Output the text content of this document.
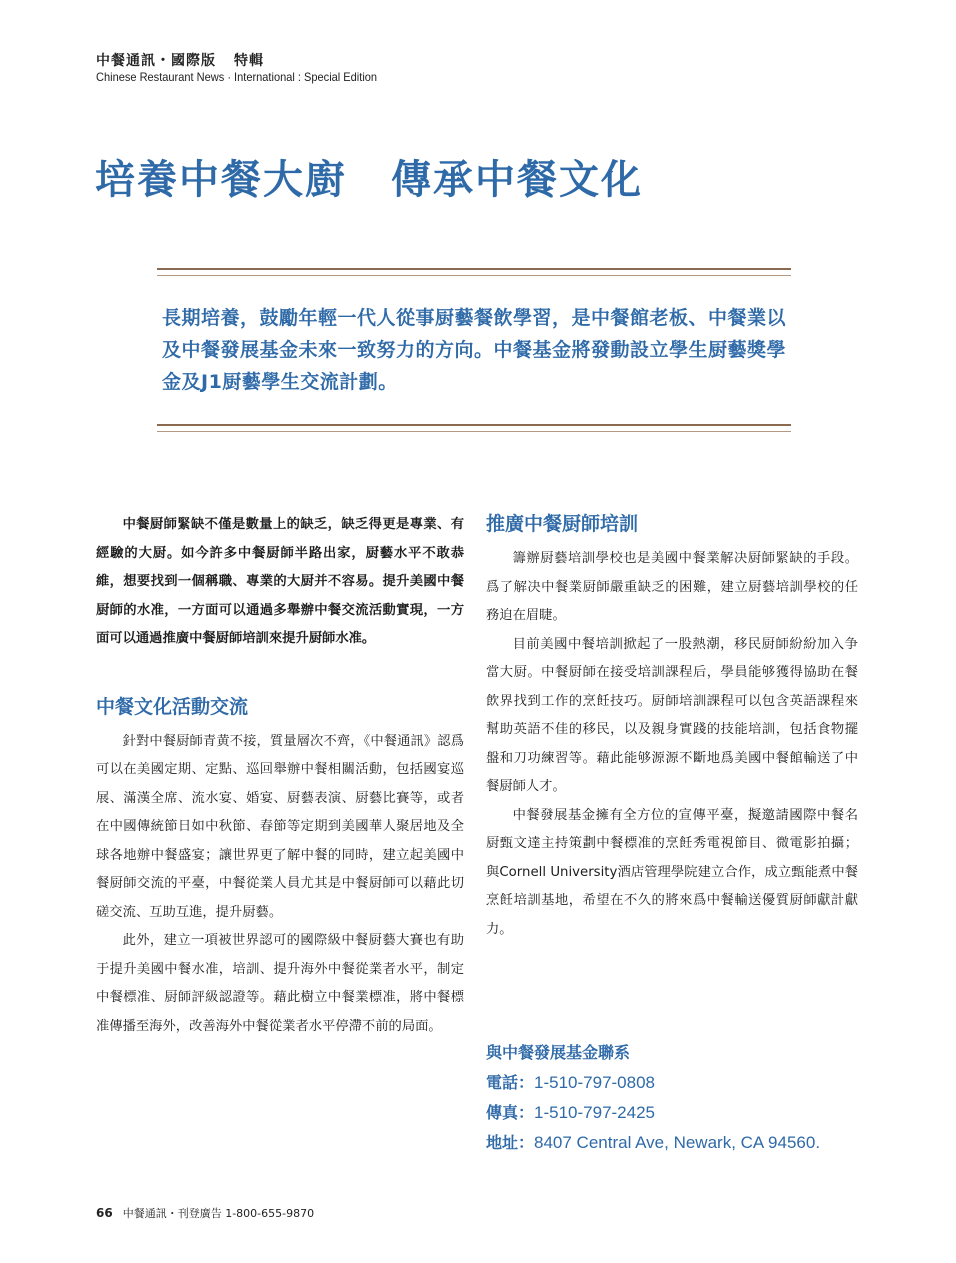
中餐通訊・國際版 特輯
Chinese Restaurant News · International : Special Edition
培養中餐大廚 傳承中餐文化
長期培養，鼓勵年輕一代人從事厨藝餐飲學習，是中餐館老板、中餐業以及中餐發展基金未來一致努力的方向。中餐基金將發動設立學生厨藝獎學金及J1厨藝學生交流計劃。

中餐厨師緊缺不僅是數量上的缺乏，缺乏得更是專業、有經驗的大厨。如今許多中餐厨師半路出家，厨藝水平不敢恭維，想要找到一個稱職、專業的大厨并不容易。提升美國中餐厨師的水准，一方面可以通過多舉辦中餐交流活動實現，一方面可以通過推廣中餐厨師培訓來提升厨師水准。

中餐文化活動交流

針對中餐厨師青黄不接，質量層次不齊，《中餐通訊》認爲可以在美國定期、定點、巡回舉辦中餐相關活動，包括國宴巡展、滿漢全席、流水宴、婚宴、厨藝表演、厨藝比賽等，或者在中國傳統節日如中秋節、春節等定期到美國華人聚居地及全球各地辦中餐盛宴；讓世界更了解中餐的同時，建立起美國中餐厨師交流的平臺，中餐從業人員尤其是中餐厨師可以藉此切磋交流、互助互進，提升厨藝。

此外，建立一項被世界認可的國際級中餐厨藝大賽也有助于提升美國中餐水准，培訓、提升海外中餐從業者水平，制定中餐標准、厨師評級認證等。藉此樹立中餐業標准，將中餐標准傳播至海外，改善海外中餐從業者水平停滯不前的局面。

推廣中餐厨師培訓

籌辦厨藝培訓學校也是美國中餐業解决厨師緊缺的手段。爲了解决中餐業厨師嚴重缺乏的困難，建立厨藝培訓學校的任務迫在眉睫。

目前美國中餐培訓掀起了一股熱潮，移民厨師紛紛加入争當大厨。中餐厨師在接受培訓課程后，學員能够獲得協助在餐飲界找到工作的烹飪技巧。厨師培訓課程可以包含英語課程來幫助英語不佳的移民，以及親身實踐的技能培訓，包括食物擺盤和刀功練習等。藉此能够源源不斷地爲美國中餐館輸送了中餐厨師人才。

中餐發展基金擁有全方位的宣傳平臺，擬邀請國際中餐名厨甄文達主持策劃中餐標准的烹飪秀電視節目、微電影拍攝；與Cornell University酒店管理學院建立合作，成立甄能煮中餐烹飪培訓基地，希望在不久的將來爲中餐輸送優質厨師獻計獻力。

與中餐發展基金聯系
電話：1-510-797-0808
傳真：1-510-797-2425
地址：8407 Central Ave, Newark, CA 94560.
66 中餐通訊・刊登廣告 1-800-655-9870
